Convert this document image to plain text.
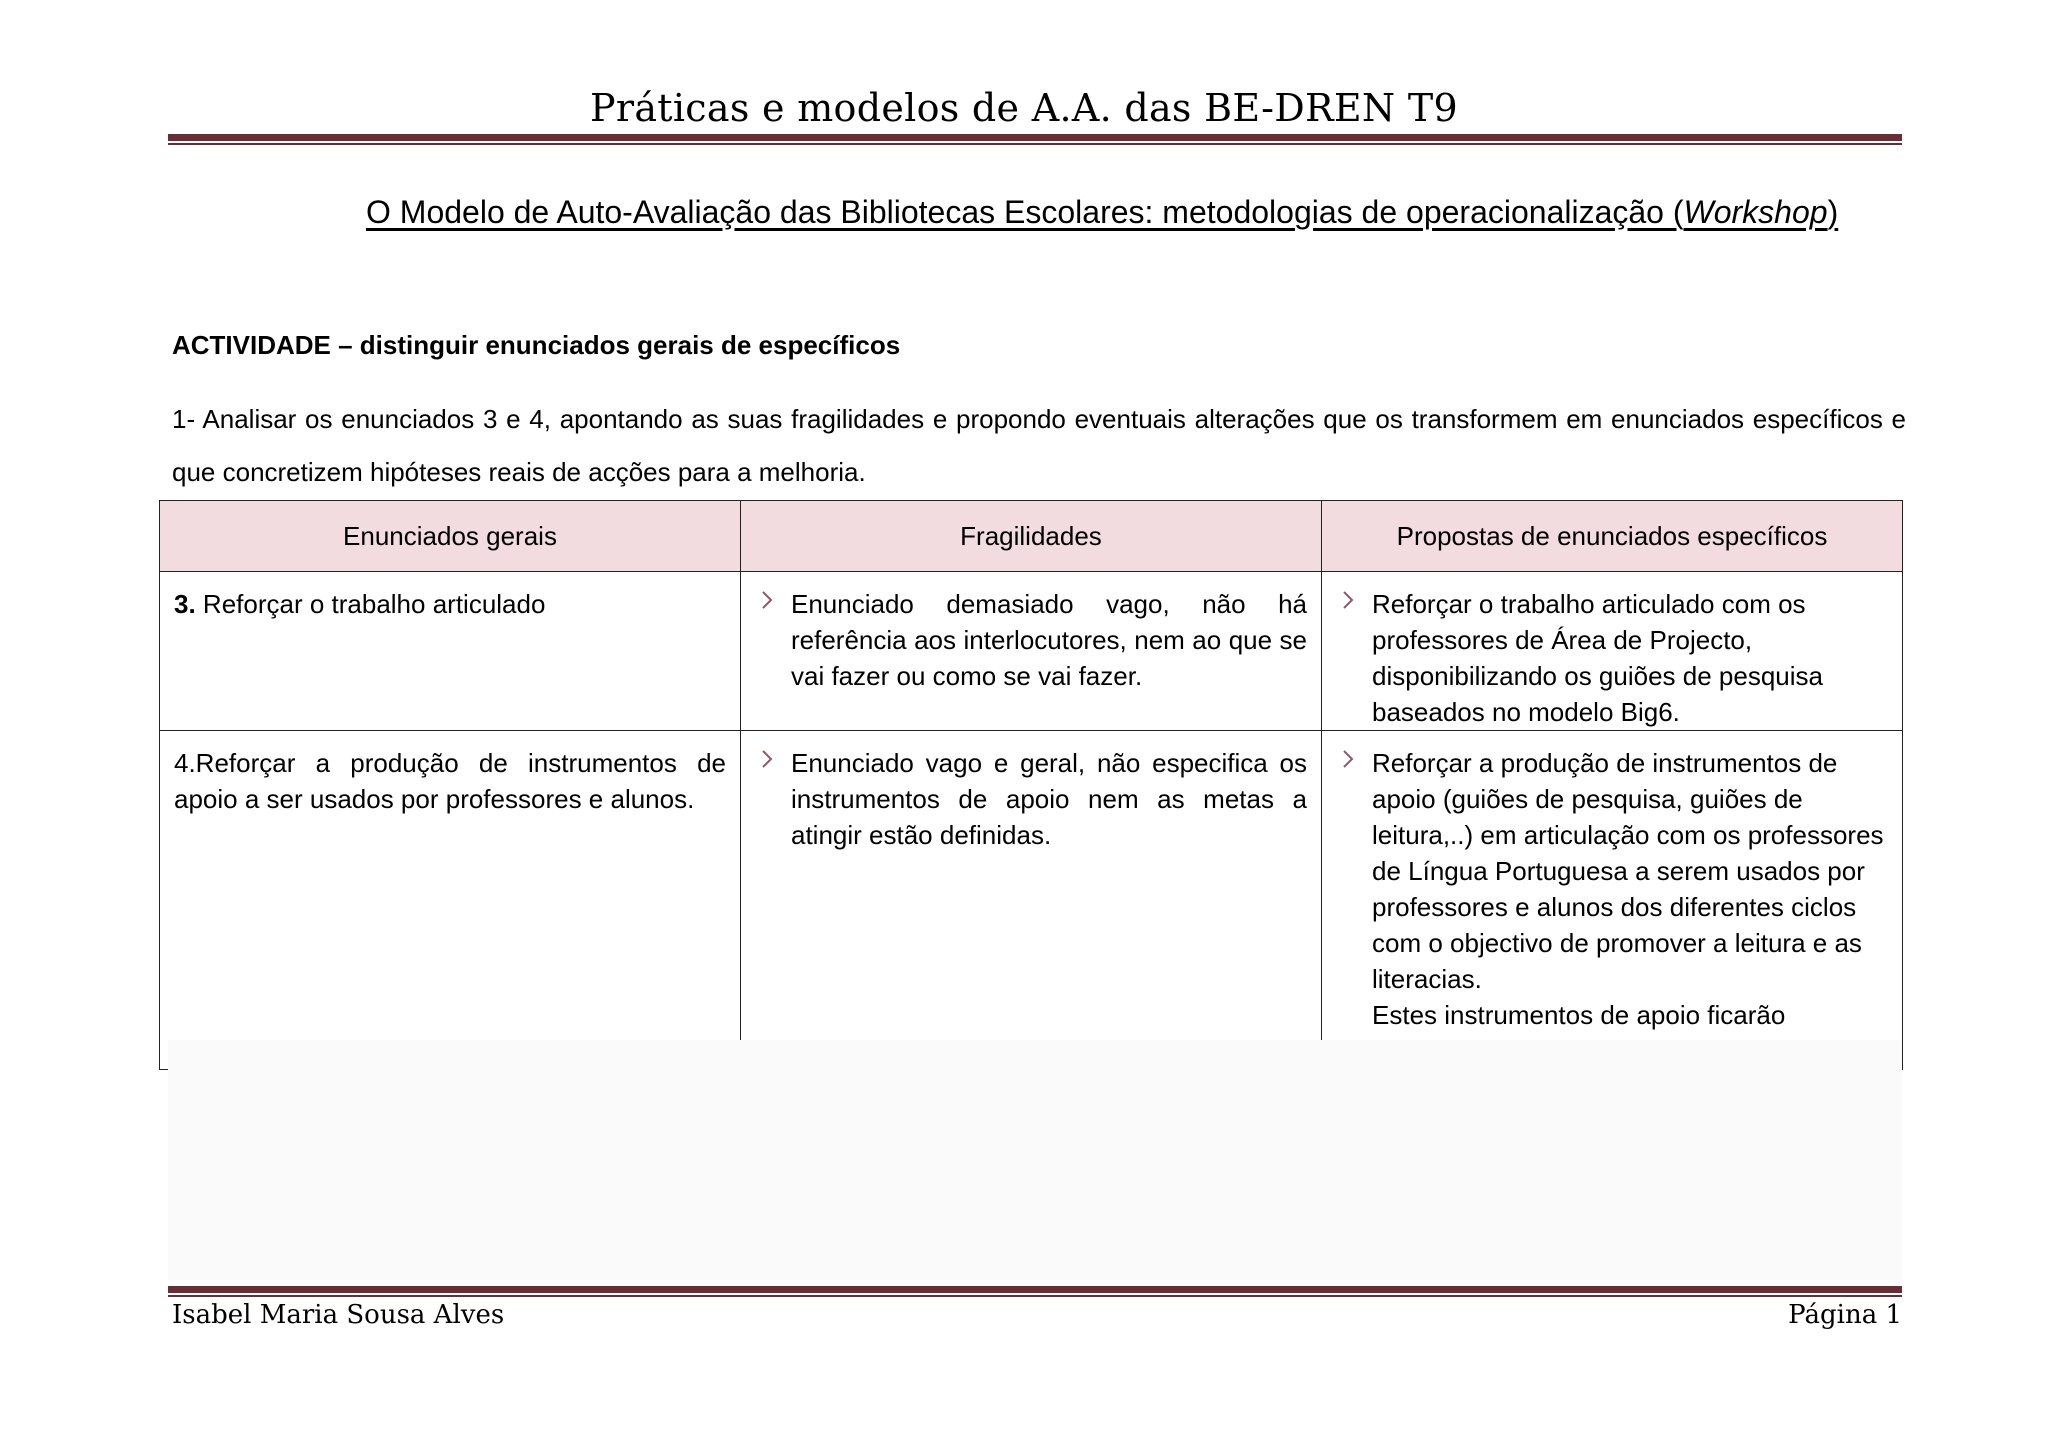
Práticas e modelos de A.A. das BE-DREN T9
O Modelo de Auto-Avaliação das Bibliotecas Escolares: metodologias de operacionalização (Workshop)
ACTIVIDADE – distinguir enunciados gerais de específicos
1- Analisar os enunciados 3 e 4, apontando as suas fragilidades e propondo eventuais alterações que os transformem em enunciados específicos e que concretizem hipóteses reais de acções para a melhoria.
Enunciados gerais	Fragilidades	Propostas de enunciados específicos
3. Reforçar o trabalho articulado	Enunciado demasiado vago, não há referência aos interlocutores, nem ao que se vai fazer ou como se vai fazer.	Reforçar o trabalho articulado com os professores de Área de Projecto, disponibilizando os guiões de pesquisa baseados no modelo Big6.

4.Reforçar a produção de instrumentos de apoio a ser usados por professores e alunos.	Enunciado vago e geral, não especifica os instrumentos de apoio nem as metas a atingir estão definidas.	Reforçar a produção de instrumentos de apoio (guiões de pesquisa, guiões de leitura,..) em articulação com os professores de Língua Portuguesa a serem usados por professores e alunos dos diferentes ciclos com o objectivo de promover a leitura e as literacias.
Estes instrumentos de apoio ficarão
Isabel Maria Sousa Alves	Página 1
